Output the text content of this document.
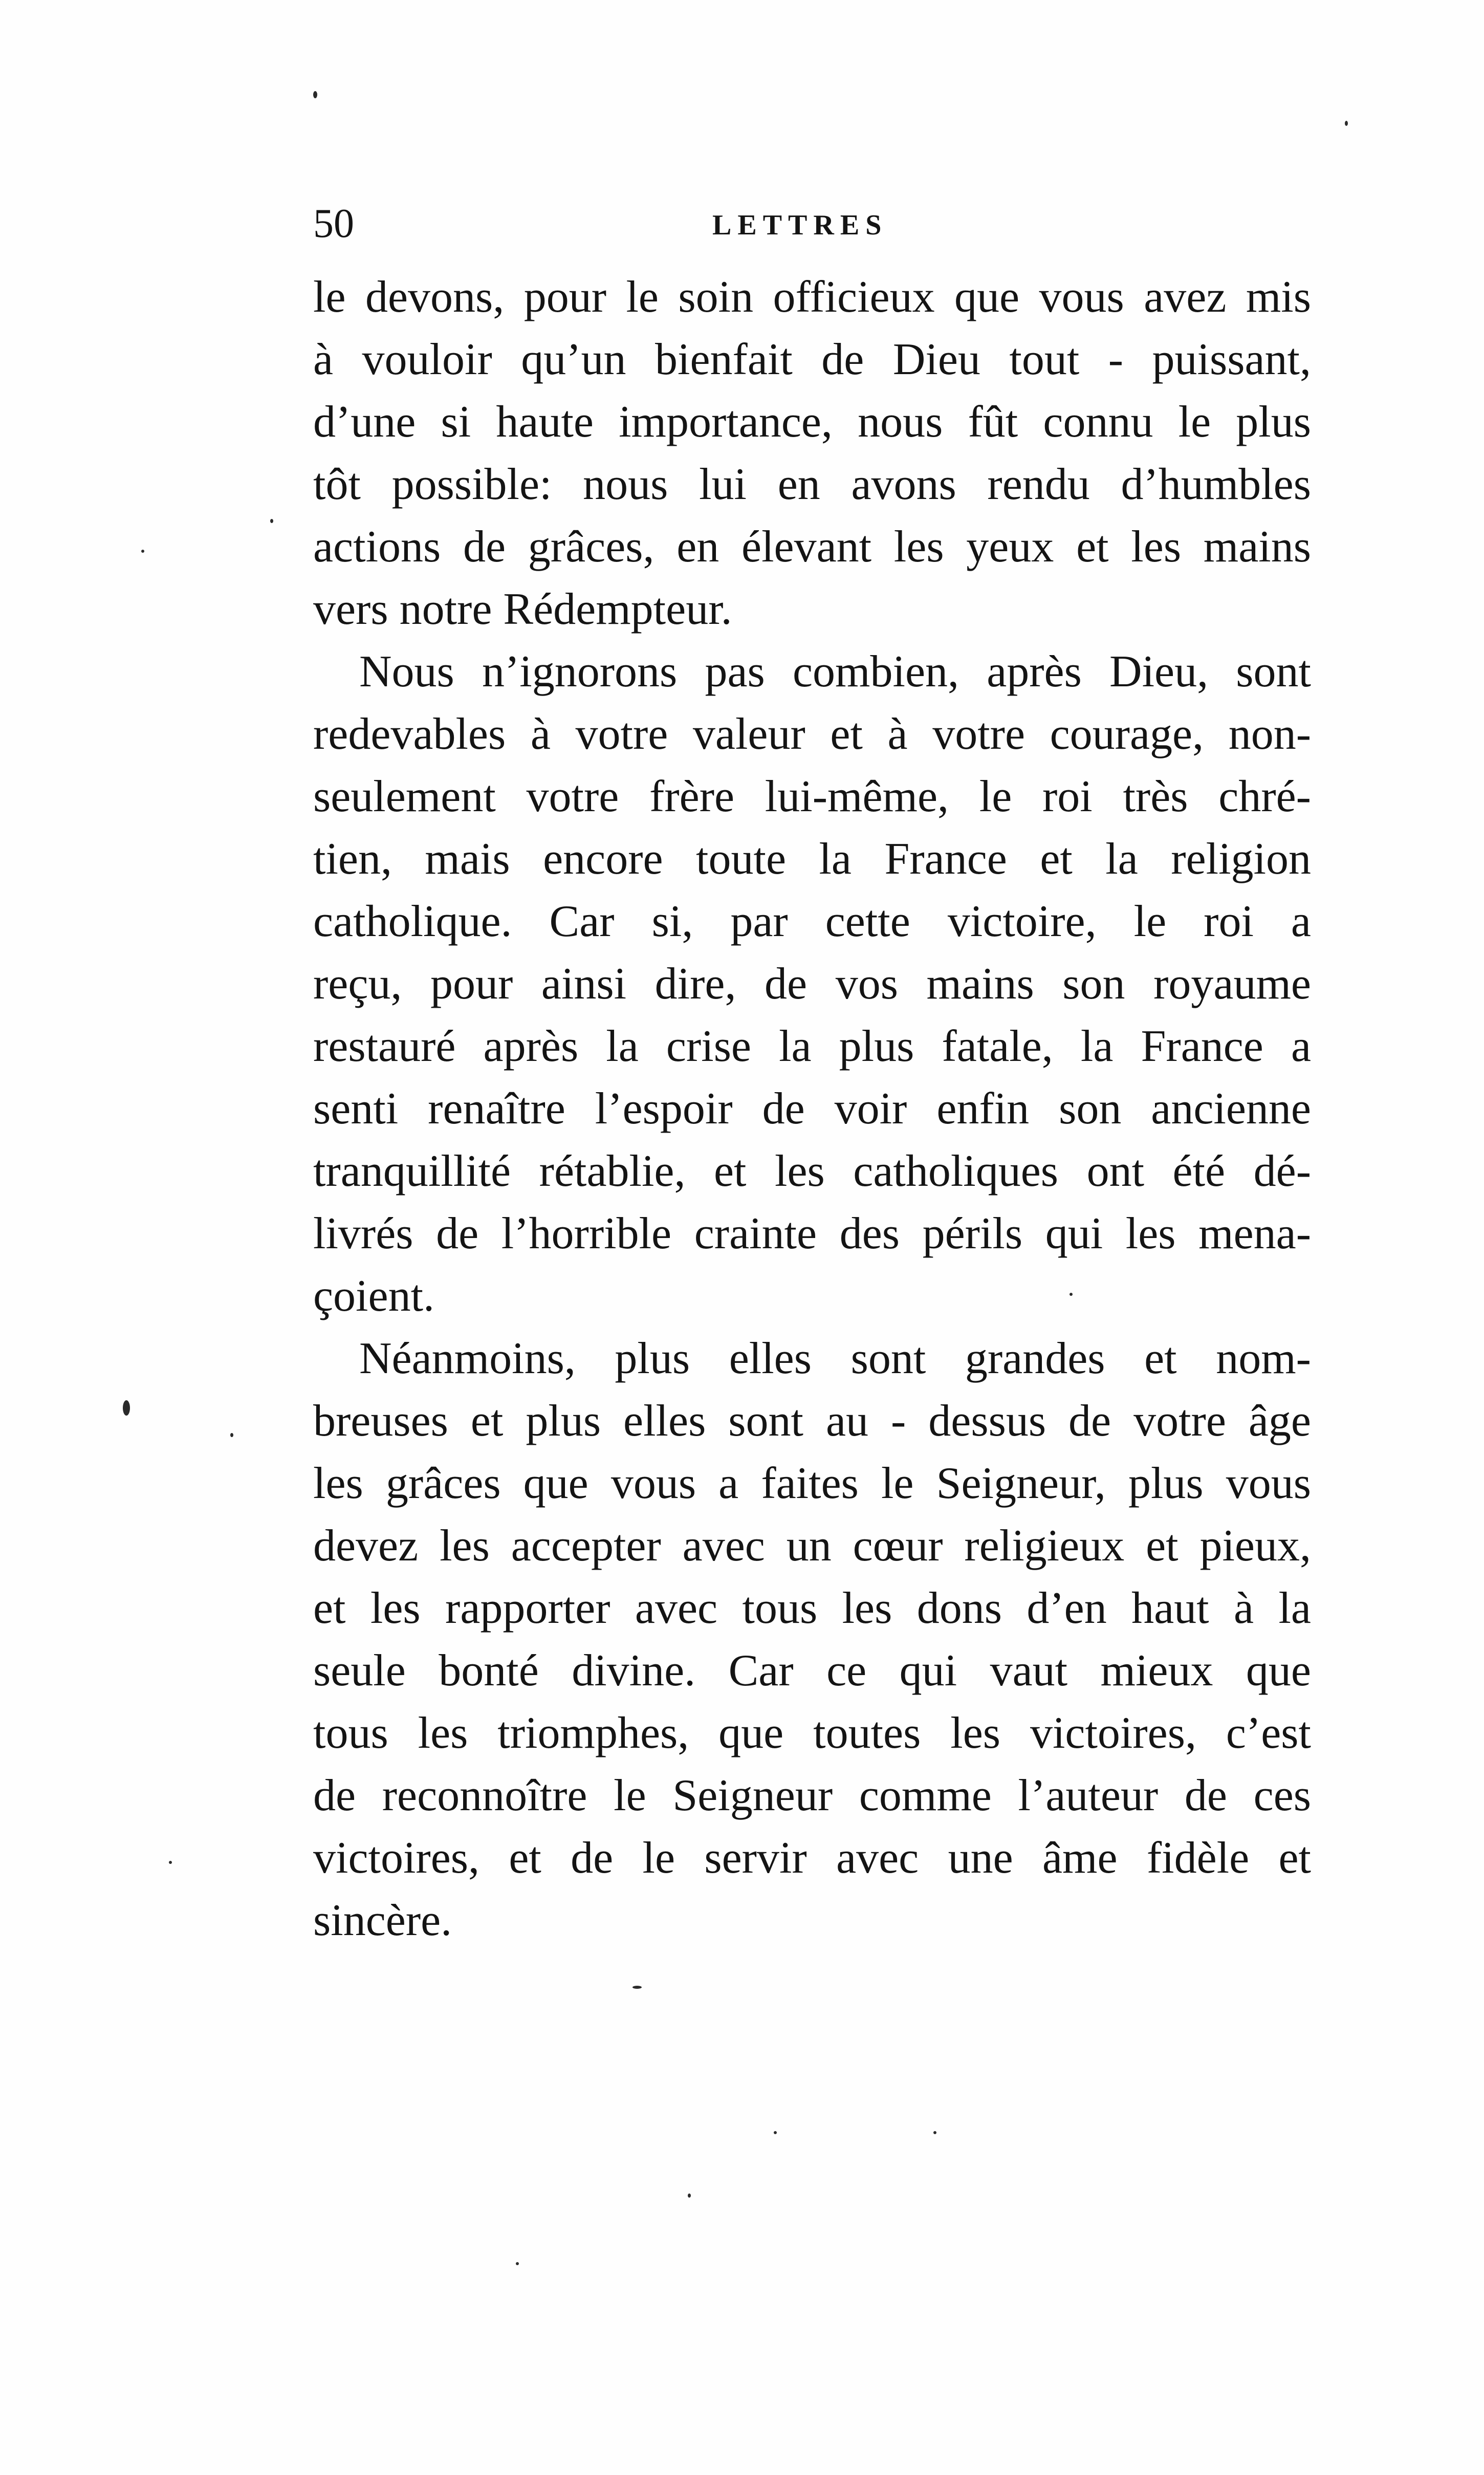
50	LETTRES
le devons, pour le soin officieux que vous avez mis
à vouloir qu’un bienfait de Dieu tout - puissant,
d’une si haute importance, nous fût connu le plus
tôt possible: nous lui en avons rendu d’humbles
actions de grâces, en élevant les yeux et les mains
vers notre Rédempteur.
Nous n’ignorons pas combien, après Dieu, sont
redevables à votre valeur et à votre courage, non-
seulement votre frère lui-même, le roi très chré-
tien, mais encore toute la France et la religion
catholique. Car si, par cette victoire, le roi a
reçu, pour ainsi dire, de vos mains son royaume
restauré après la crise la plus fatale, la France a
senti renaître l’espoir de voir enfin son ancienne
tranquillité rétablie, et les catholiques ont été dé-
livrés de l’horrible crainte des périls qui les mena-
çoient.
Néanmoins, plus elles sont grandes et nom-
breuses et plus elles sont au - dessus de votre âge
les grâces que vous a faites le Seigneur, plus vous
devez les accepter avec un cœur religieux et pieux,
et les rapporter avec tous les dons d’en haut à la
seule bonté divine. Car ce qui vaut mieux que
tous les triomphes, que toutes les victoires, c’est
de reconnoître le Seigneur comme l’auteur de ces
victoires, et de le servir avec une âme fidèle et
sincère.
